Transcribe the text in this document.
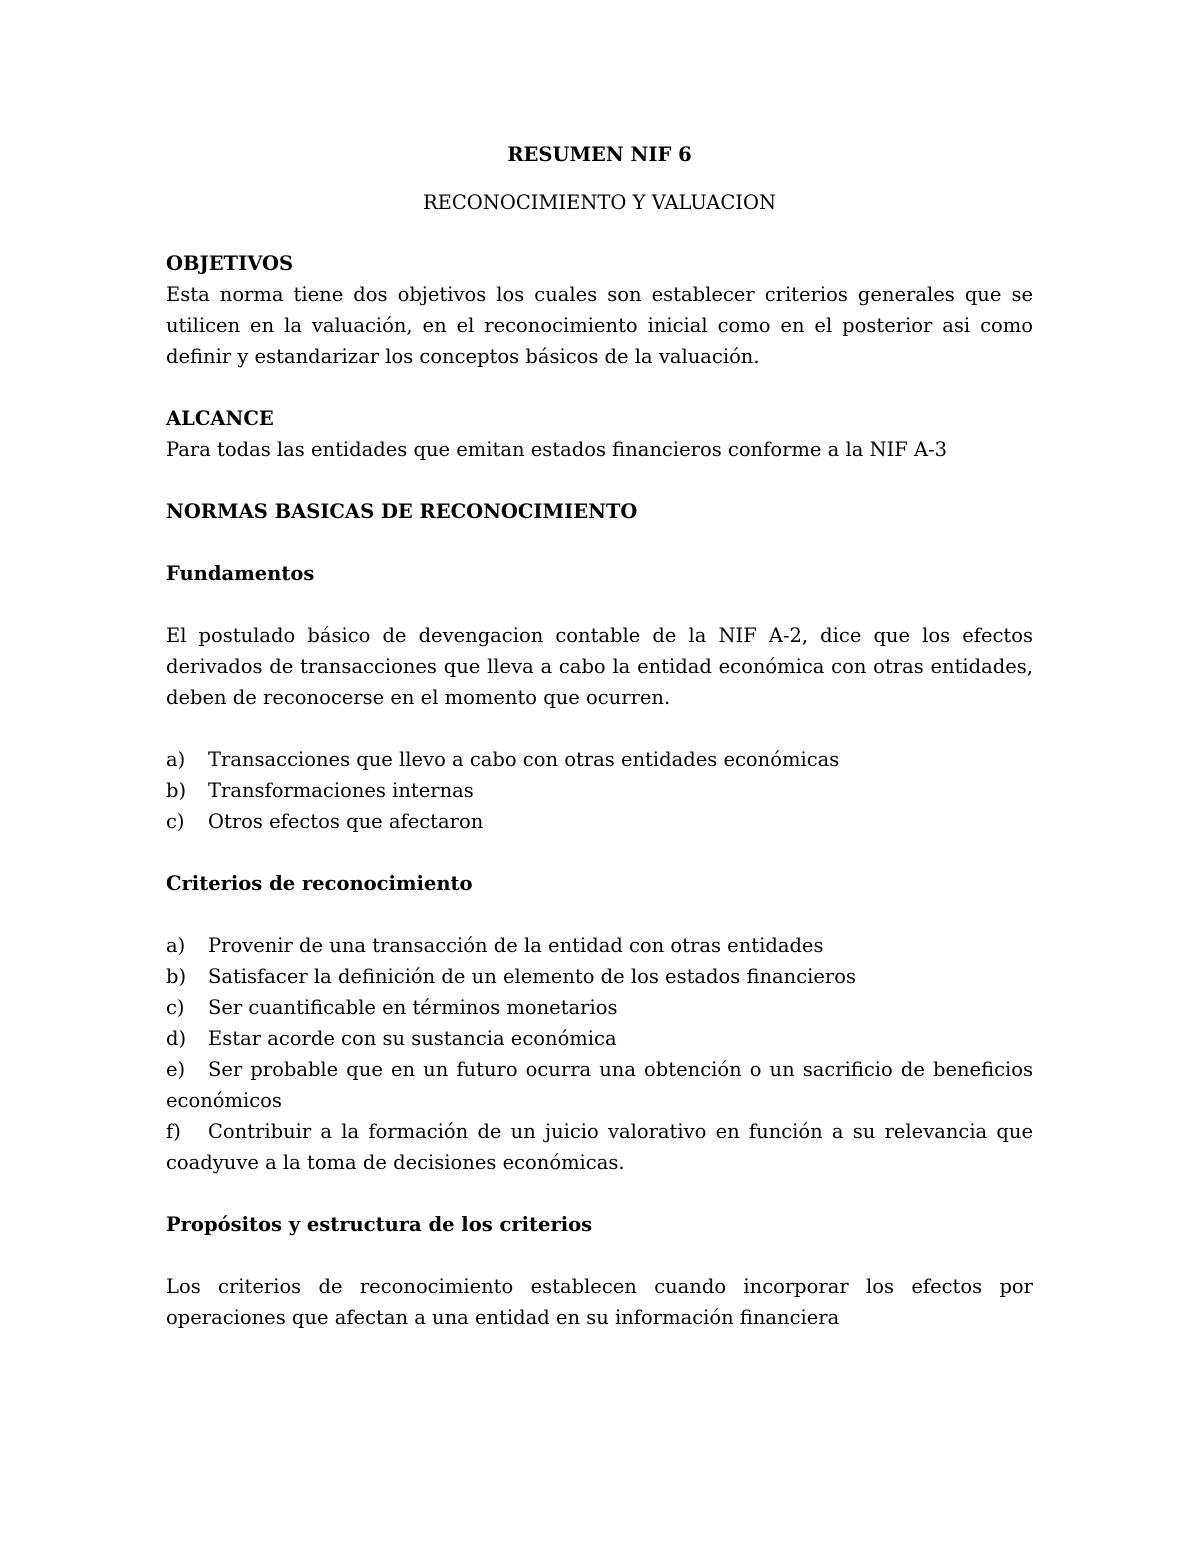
RESUMEN NIF 6

RECONOCIMIENTO Y VALUACION

OBJETIVOS

Esta norma tiene dos objetivos los cuales son establecer criterios generales que se utilicen en la valuación, en el reconocimiento inicial como en el posterior asi como definir y estandarizar los conceptos básicos de la valuación.

ALCANCE

Para todas las entidades que emitan estados financieros conforme a la NIF A-3

NORMAS BASICAS DE RECONOCIMIENTO

Fundamentos

El postulado básico de devengacion contable de la NIF A-2, dice que los efectos derivados de transacciones que lleva a cabo la entidad económica con otras entidades, deben de reconocerse en el momento que ocurren.

a)	Transacciones que llevo a cabo con otras entidades económicas
b)	Transformaciones internas
c)	Otros efectos que afectaron

Criterios de reconocimiento

a)	Provenir de una transacción de la entidad con otras entidades
b)	Satisfacer la definición de un elemento de los estados financieros
c)	Ser cuantificable en términos monetarios
d)	Estar acorde con su sustancia económica
e) Ser probable que en un futuro ocurra una obtención o un sacrificio de beneficios económicos
f) Contribuir a la formación de un juicio valorativo en función a su relevancia que coadyuve a la toma de decisiones económicas.

Propósitos y estructura de los criterios

Los criterios de reconocimiento establecen cuando incorporar los efectos por operaciones que afectan a una entidad en su información financiera
